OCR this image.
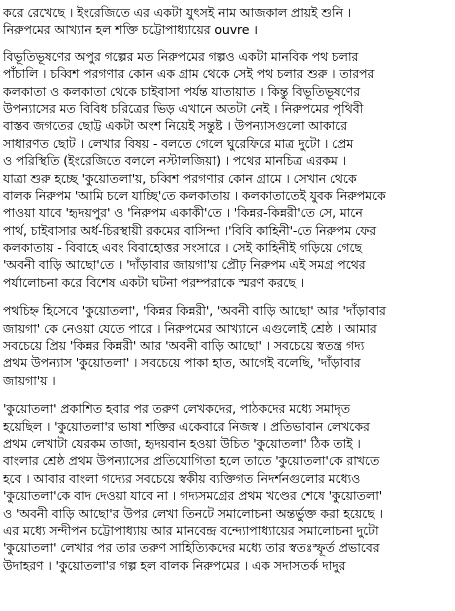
করে রেখেছে । ইংরেজিতে এর একটা যুৎসই নাম আজকাল প্রায়ই শুনি ।
নিরুপমের আখ্যান হল শক্তি চট্টোপাধ্যায়ের ouvre ।
বিভূতিভূষণের অপুর গল্পের মত নিরুপমের গল্পও একটা মানবিক পথ চলার
পাঁচালি । চব্বিশ পরগণার কোন এক গ্রাম থেকে সেই পথ চলার শুরু । তারপর
কলকাতা ও কলকাতা থেকে চাইবাসা পর্যন্ত যাতায়াত । কিন্তু বিভূতিভূষণের
উপন্যাসের মত বিবিধ চরিত্রের ভিড় এখানে অতটা নেই । নিরুপমের পৃথিবী
বাস্তব জগতের ছোট্ট একটা অংশ নিয়েই সন্তুষ্ট । উপন্যাসগুলো আকারে
সাধারণত ছোট । লেখার বিষয় - বলতে গেলে ঘুরেফিরে মাত্র দুটো । প্রেম
ও পরিস্থিতি (ইংরেজিতে বললে নস্টালজিয়া) । পথের মানচিত্র এরকম ।
যাত্রা শুরু হচ্ছে 'কুয়োতলা'য়, চব্বিশ পরগণার কোন গ্রামে । সেখান থেকে
বালক নিরুপম 'আমি চলে যাচ্ছি'তে কলকাতায় । কলকাতাতেই যুবক নিরুপমকে
পাওয়া যাবে 'হৃদয়পুর' ও 'নিরুপম একাকী'তে । 'কিন্নর-কিন্নরী'তে সে, মানে
পার্থ, চাইবাসার অর্ধ-চিরস্থায়ী রকমের বাসিন্দা ।'বিবি কাহিনী'-তে নিরুপম ফের
কলকাতায় - বিবাহে এবং বিবাহোত্তর সংসারে । সেই কাহিনীই গড়িয়ে গেছে
'অবনী বাড়ি আছো'তে । 'দাঁড়াবার জায়গা'য় প্রৌঢ় নিরুপম এই সমগ্র পথের
পর্যালোচনা করে বিশেষ একটা ঘটনা পরম্পরাকে স্মরণ করছে ।
পথচিহ্ন হিসেবে 'কুয়োতলা', 'কিন্নর কিন্নরী', 'অবনী বাড়ি আছো' আর 'দাঁড়াবার
জায়গা' কে নেওয়া যেতে পারে । নিরুপমের আখ্যানে এগুলোই শ্রেষ্ঠ । আমার
সবচেয়ে প্রিয় 'কিন্নর কিন্নরী' আর 'অবনী বাড়ি আছো' । সবচেয়ে স্বতন্ত্র গদ্য
প্রথম উপন্যাস 'কুয়োতলা' । সবচেয়ে পাকা হাত, আগেই বলেছি, 'দাঁড়াবার
জায়গা'য় ।
'কুয়োতলা' প্রকাশিত হবার পর তরুণ লেখকদের, পাঠকদের মধ্যে সমাদৃত
হয়েছিল । 'কুয়োতলা'র ভাষা শক্তির একেবারে নিজস্ব । প্রতিভাবান লেখকের
প্রথম লেখাটা যেরকম তাজা, হৃদয়বান হওয়া উচিত 'কুয়োতলা' ঠিক তাই ।
বাংলার শ্রেষ্ঠ প্রথম উপন্যাসের প্রতিযোগিতা হলে তাতে 'কুয়োতলা'কে রাখতে
হবে । আবার বাংলা গদ্যের সবচেয়ে স্বকীয় ব্যক্তিগত নিদর্শনগুলোর মধ্যেও
'কুয়োতলা'কে বাদ দেওয়া যাবে না । গদ্যসমগ্রের প্রথম খণ্ডের শেষে 'কুয়োতলা'
ও 'অবনী বাড়ি আছো'র উপর লেখা তিনটে সমালোচনা অন্তর্ভুক্ত করা হয়েছে ।
এর মধ্যে সন্দীপন চট্টোপাধ্যায় আর মানবেন্দ্র বন্দ্যোপাধ্যায়ের সমালোচনা দুটো
'কুয়োতলা' লেখার পর তার তরুণ সাহিত্যিকদের মধ্যে তার স্বতঃস্ফূর্ত প্রভাবের
উদাহরণ । 'কুয়োতলা'র গল্প হল বালক নিরুপমের । এক সদাসতর্ক দাদুর
